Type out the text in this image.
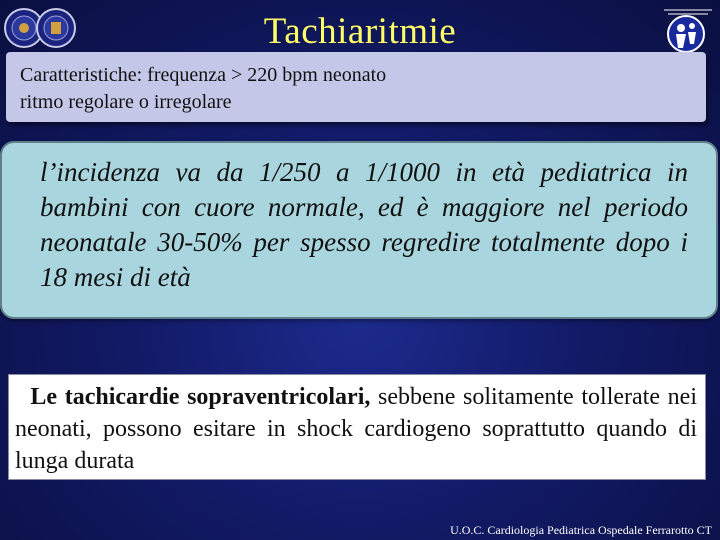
Tachiaritmie
Caratteristiche: frequenza > 220 bpm neonato
ritmo regolare o irregolare
l’incidenza va da 1/250 a 1/1000 in età pediatrica in bambini con cuore normale, ed è maggiore nel periodo neonatale 30-50% per spesso regredire totalmente dopo i 18 mesi di età
Le tachicardie sopraventricolari, sebbene solitamente tollerate nei neonati, possono esitare in shock cardiogeno soprattutto quando di lunga durata
U.O.C. Cardiologia Pediatrica Ospedale Ferrarotto CT
